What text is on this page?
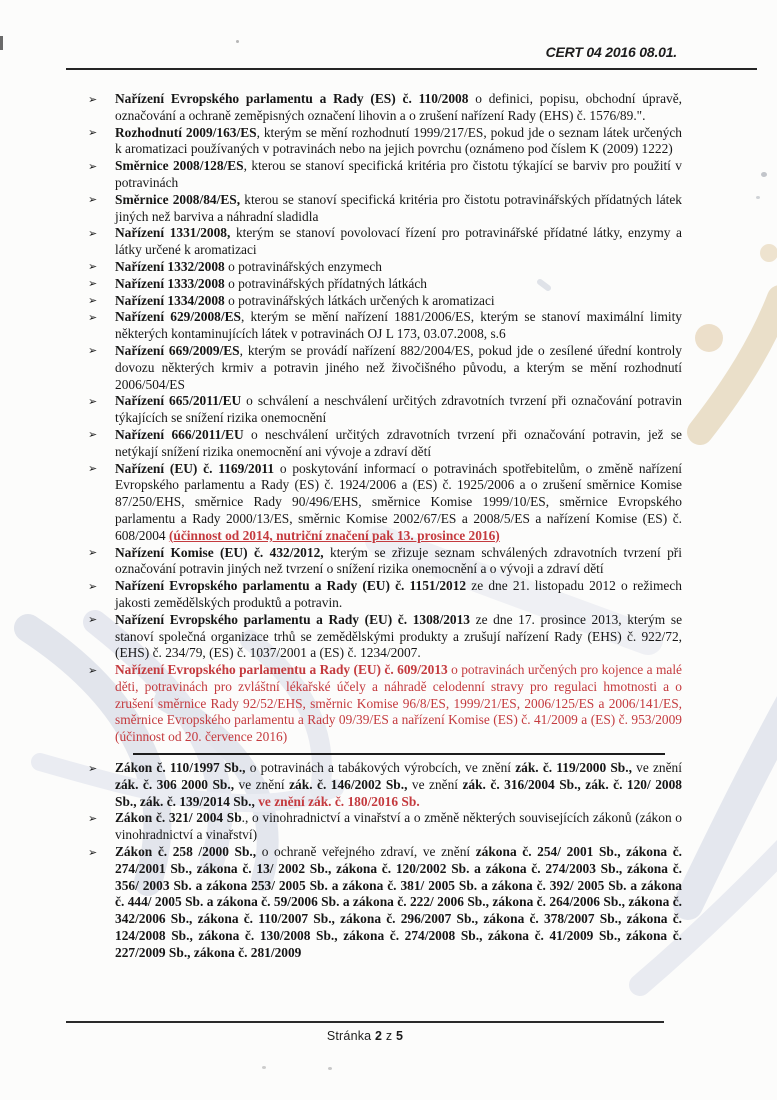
CERT 04 2016 08.01.
➢ Nařízení Evropského parlamentu a Rady (ES) č. 110/2008 o definici, popisu, obchodní úpravě, označování a ochraně zeměpisných označení lihovin a o zrušení nařízení Rady (EHS) č. 1576/89.".
➢ Rozhodnutí 2009/163/ES, kterým se mění rozhodnutí 1999/217/ES, pokud jde o seznam látek určených k aromatizaci používaných v potravinách nebo na jejich povrchu (oznámeno pod číslem K (2009) 1222)
➢ Směrnice 2008/128/ES, kterou se stanoví specifická kritéria pro čistotu týkající se barviv pro použití v potravinách
➢ Směrnice 2008/84/ES, kterou se stanoví specifická kritéria pro čistotu potravinářských přídatných látek jiných než barviva a náhradní sladidla
➢ Nařízení 1331/2008, kterým se stanoví povolovací řízení pro potravinářské přídatné látky, enzymy a látky určené k aromatizaci
➢ Nařízení 1332/2008 o potravinářských enzymech
➢ Nařízení 1333/2008 o potravinářských přídatných látkách
➢ Nařízení 1334/2008 o potravinářských látkách určených k aromatizaci
➢ Nařízení 629/2008/ES, kterým se mění nařízení 1881/2006/ES, kterým se stanoví maximální limity některých kontaminujících látek v potravinách OJ L 173, 03.07.2008, s.6
➢ Nařízení 669/2009/ES, kterým se provádí nařízení 882/2004/ES, pokud jde o zesílené úřední kontroly dovozu některých krmiv a potravin jiného než živočišného původu, a kterým se mění rozhodnutí 2006/504/ES
➢ Nařízení 665/2011/EU o schválení a neschválení určitých zdravotních tvrzení při označování potravin týkajících se snížení rizika onemocnění
➢ Nařízení 666/2011/EU o neschválení určitých zdravotních tvrzení při označování potravin, jež se netýkají snížení rizika onemocnění ani vývoje a zdraví dětí
➢ Nařízení (EU) č. 1169/2011 o poskytování informací o potravinách spotřebitelům, o změně nařízení Evropského parlamentu a Rady (ES) č. 1924/2006 a (ES) č. 1925/2006 a o zrušení směrnice Komise 87/250/EHS, směrnice Rady 90/496/EHS, směrnice Komise 1999/10/ES, směrnice Evropského parlamentu a Rady 2000/13/ES, směrnic Komise 2002/67/ES a 2008/5/ES a nařízení Komise (ES) č. 608/2004 (účinnost od 2014, nutriční značení pak 13. prosince 2016)
➢ Nařízení Komise (EU) č. 432/2012, kterým se zřizuje seznam schválených zdravotních tvrzení při označování potravin jiných než tvrzení o snížení rizika onemocnění a o vývoji a zdraví dětí
➢ Nařízení Evropského parlamentu a Rady (EU) č. 1151/2012 ze dne 21. listopadu 2012 o režimech jakosti zemědělských produktů a potravin.
➢ Nařízení Evropského parlamentu a Rady (EU) č. 1308/2013 ze dne 17. prosince 2013, kterým se stanoví společná organizace trhů se zemědělskými produkty a zrušují nařízení Rady (EHS) č. 922/72, (EHS) č. 234/79, (ES) č. 1037/2001 a (ES) č. 1234/2007.
➢ Nařízení Evropského parlamentu a Rady (EU) č. 609/2013 o potravinách určených pro kojence a malé děti, potravinách pro zvláštní lékařské účely a náhradě celodenní stravy pro regulaci hmotnosti a o zrušení směrnice Rady 92/52/EHS, směrnic Komise 96/8/ES, 1999/21/ES, 2006/125/ES a 2006/141/ES, směrnice Evropského parlamentu a Rady 09/39/ES a nařízení Komise (ES) č. 41/2009 a (ES) č. 953/2009 (účinnost od 20. července 2016)
➢ Zákon č. 110/1997 Sb., o potravinách a tabákových výrobcích, ve znění zák. č. 119/2000 Sb., ve znění zák. č. 306 2000 Sb., ve znění zák. č. 146/2002 Sb., ve znění zák. č. 316/2004 Sb., zák. č. 120/ 2008 Sb., zák. č. 139/2014 Sb., ve znění zák. č. 180/2016 Sb.
➢ Zákon č. 321/ 2004 Sb., o vinohradnictví a vinařství a o změně některých souvisejících zákonů (zákon o vinohradnictví a vinařství)
➢ Zákon č. 258 /2000 Sb., o ochraně veřejného zdraví, ve znění zákona č. 254/ 2001 Sb., zákona č. 274/2001 Sb., zákona č. 13/ 2002 Sb., zákona č. 120/2002 Sb. a zákona č. 274/2003 Sb., zákona č. 356/ 2003 Sb. a zákona 253/ 2005 Sb. a zákona č. 381/ 2005 Sb. a zákona č. 392/ 2005 Sb. a zákona č. 444/ 2005 Sb. a zákona č. 59/2006 Sb. a zákona č. 222/ 2006 Sb., zákona č. 264/2006 Sb., zákona č. 342/2006 Sb., zákona č. 110/2007 Sb., zákona č. 296/2007 Sb., zákona č. 378/2007 Sb., zákona č. 124/2008 Sb., zákona č. 130/2008 Sb., zákona č. 274/2008 Sb., zákona č. 41/2009 Sb., zákona č. 227/2009 Sb., zákona č. 281/2009
Stránka 2 z 5
